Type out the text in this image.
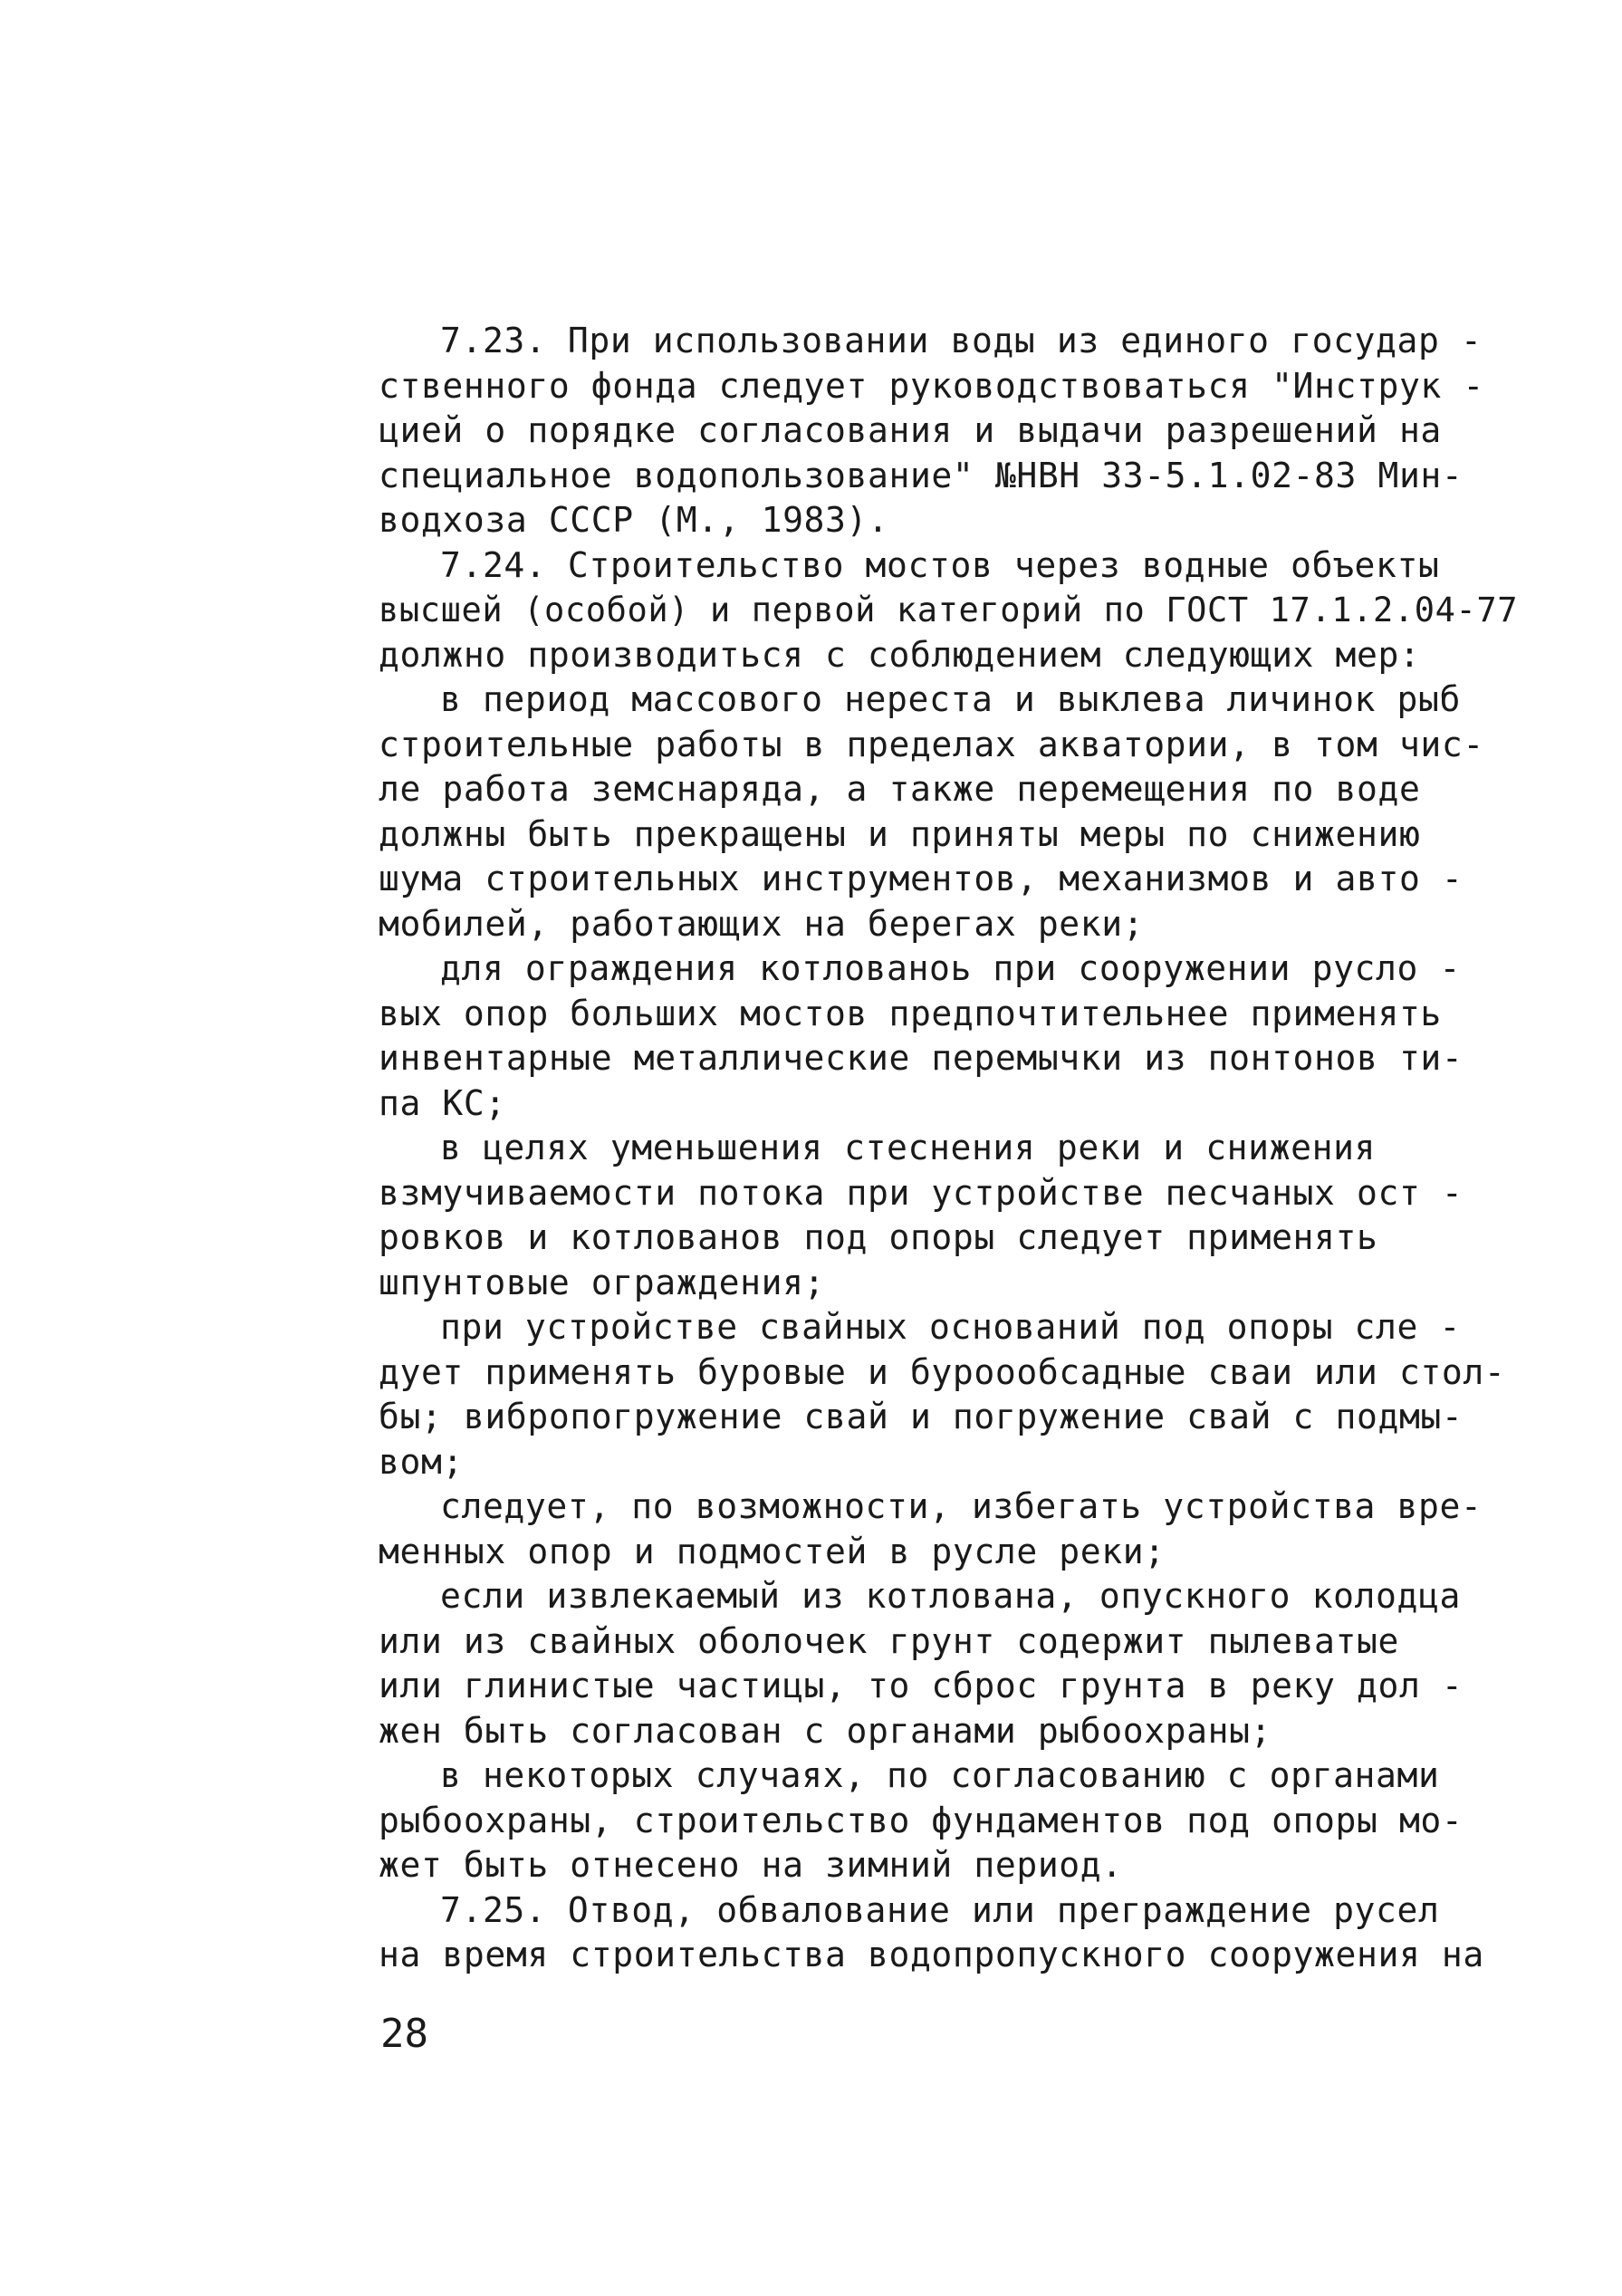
7.23. При использовании воды из единого государ -
ственного фонда следует руководствоваться "Инструк -
цией о порядке согласования и выдачи разрешений на
специальное водопользование" №НВН 33-5.1.02-83 Мин-
водхоза СССР (М., 1983).
7.24. Строительство мостов через водные объекты
высшей (особой) и первой категорий по ГОСТ 17.1.2.04-77
должно производиться с соблюдением следующих мер:
в период массового нереста и выклева личинок рыб
строительные работы в пределах акватории, в том чис-
ле работа земснаряда, а также перемещения по воде
должны быть прекращены и приняты меры по снижению
шума строительных инструментов, механизмов и авто -
мобилей, работающих на берегах реки;
для ограждения котлованоь при сооружении русло -
вых опор больших мостов предпочтительнее применять
инвентарные металлические перемычки из понтонов ти-
па КС;
в целях уменьшения стеснения реки и снижения
взмучиваемости потока при устройстве песчаных ост -
ровков и котлованов под опоры следует применять
шпунтовые ограждения;
при устройстве свайных оснований под опоры сле -
дует применять буровые и буроообсадные сваи или стол-
бы; вибропогружение свай и погружение свай с подмы-
вом;
следует, по возможности, избегать устройства вре-
менных опор и подмостей в русле реки;
если извлекаемый из котлована, опускного колодца
или из свайных оболочек грунт содержит пылеватые
или глинистые частицы, то сброс грунта в реку дол -
жен быть согласован с органами рыбоохраны;
в некоторых случаях, по согласованию с органами
рыбоохраны, строительство фундаментов под опоры мо-
жет быть отнесено на зимний период.
7.25. Отвод, обвалование или преграждение русел
на время строительства водопропускного сооружения на
28
